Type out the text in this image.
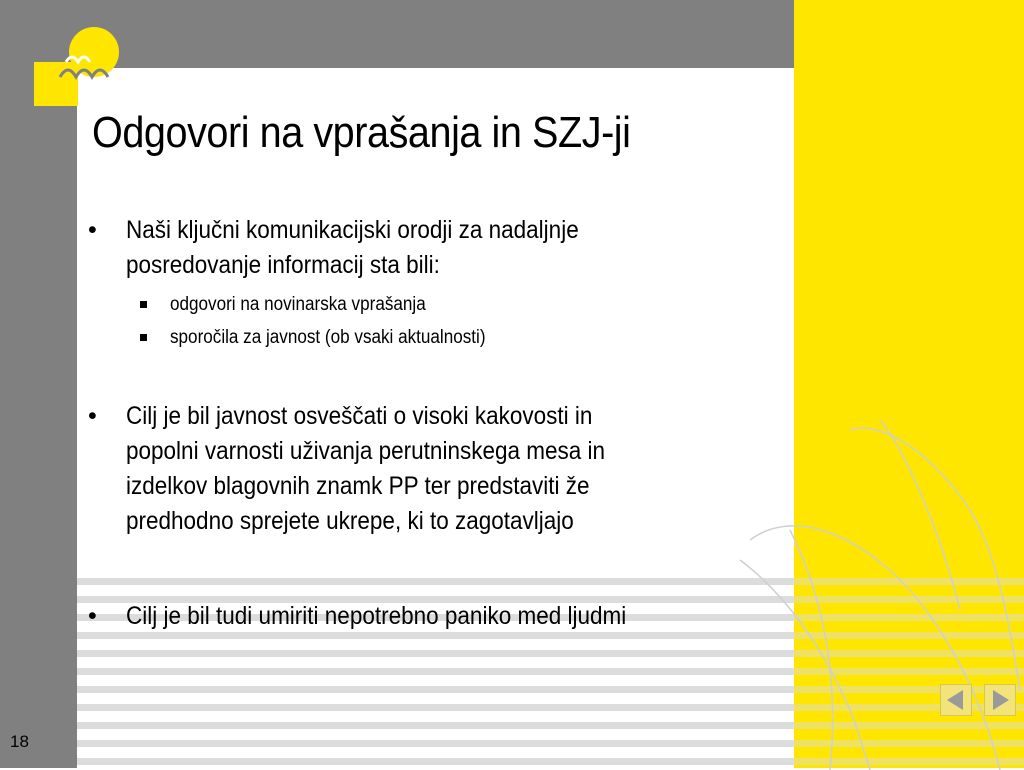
Odgovori na vprašanja in SZJ-ji
• Naši ključni komunikacijski orodji za nadaljnje
posredovanje informacij sta bili:
odgovori na novinarska vprašanja
sporočila za javnost (ob vsaki aktualnosti)
• Cilj je bil javnost osveščati o visoki kakovosti in
popolni varnosti uživanja perutninskega mesa in
izdelkov blagovnih znamk PP ter predstaviti že
predhodno sprejete ukrepe, ki to zagotavljajo
• Cilj je bil tudi umiriti nepotrebno paniko med ljudmi
18
